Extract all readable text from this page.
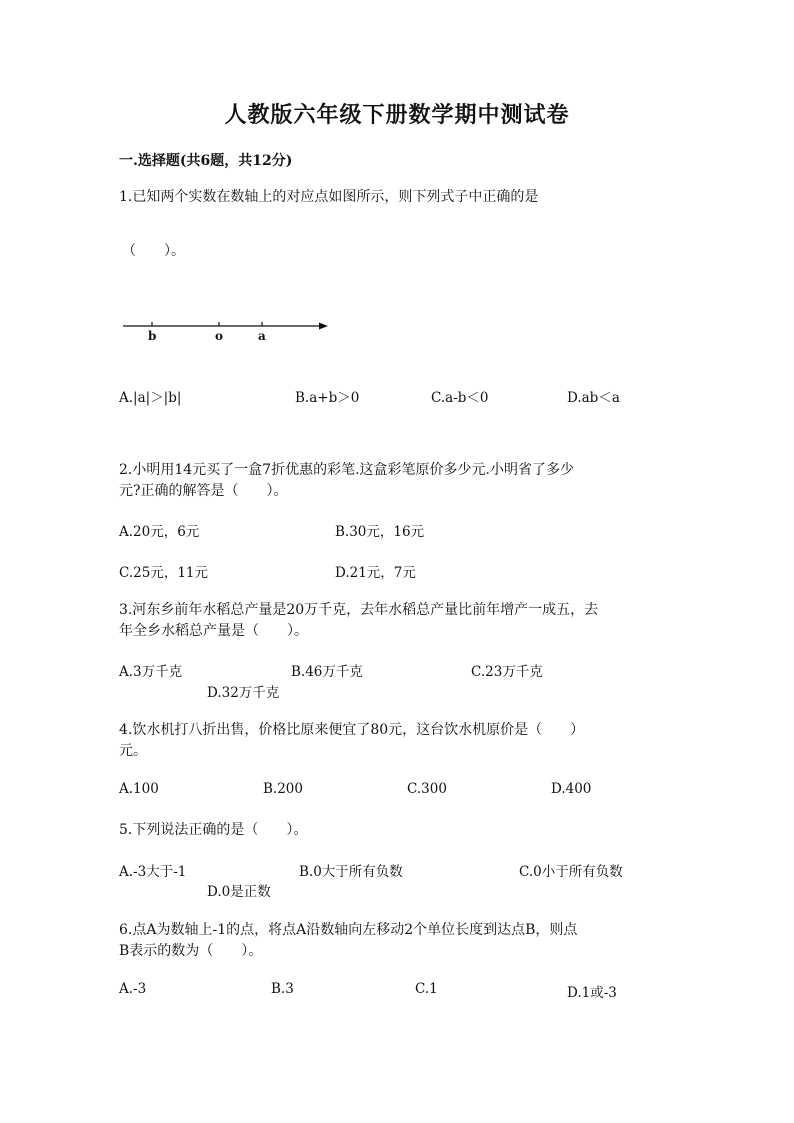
人教版六年级下册数学期中测试卷
一.选择题(共6题，共12分)
1.已知两个实数在数轴上的对应点如图所示，则下列式子中正确的是
（　　）。
b	o	a
A.|a|＞|b|	B.a+b＞0	C.a-b＜0	D.ab＜a
2.小明用14元买了一盒7折优惠的彩笔.这盒彩笔原价多少元.小明省了多少
元?正确的解答是（　　）。
A.20元，6元	B.30元，16元
C.25元，11元	D.21元，7元
3.河东乡前年水稻总产量是20万千克，去年水稻总产量比前年增产一成五，去
年全乡水稻总产量是（　　）。
A.3万千克	B.46万千克	C.23万千克
D.32万千克
4.饮水机打八折出售，价格比原来便宜了80元，这台饮水机原价是（　　）
元。
A.100	B.200	C.300	D.400
5.下列说法正确的是（　　）。
A.-3大于-1	B.0大于所有负数	C.0小于所有负数
D.0是正数
6.点A为数轴上-1的点，将点A沿数轴向左移动2个单位长度到达点B，则点
B表示的数为（　　）。
A.-3	B.3	C.1	D.1或-3
